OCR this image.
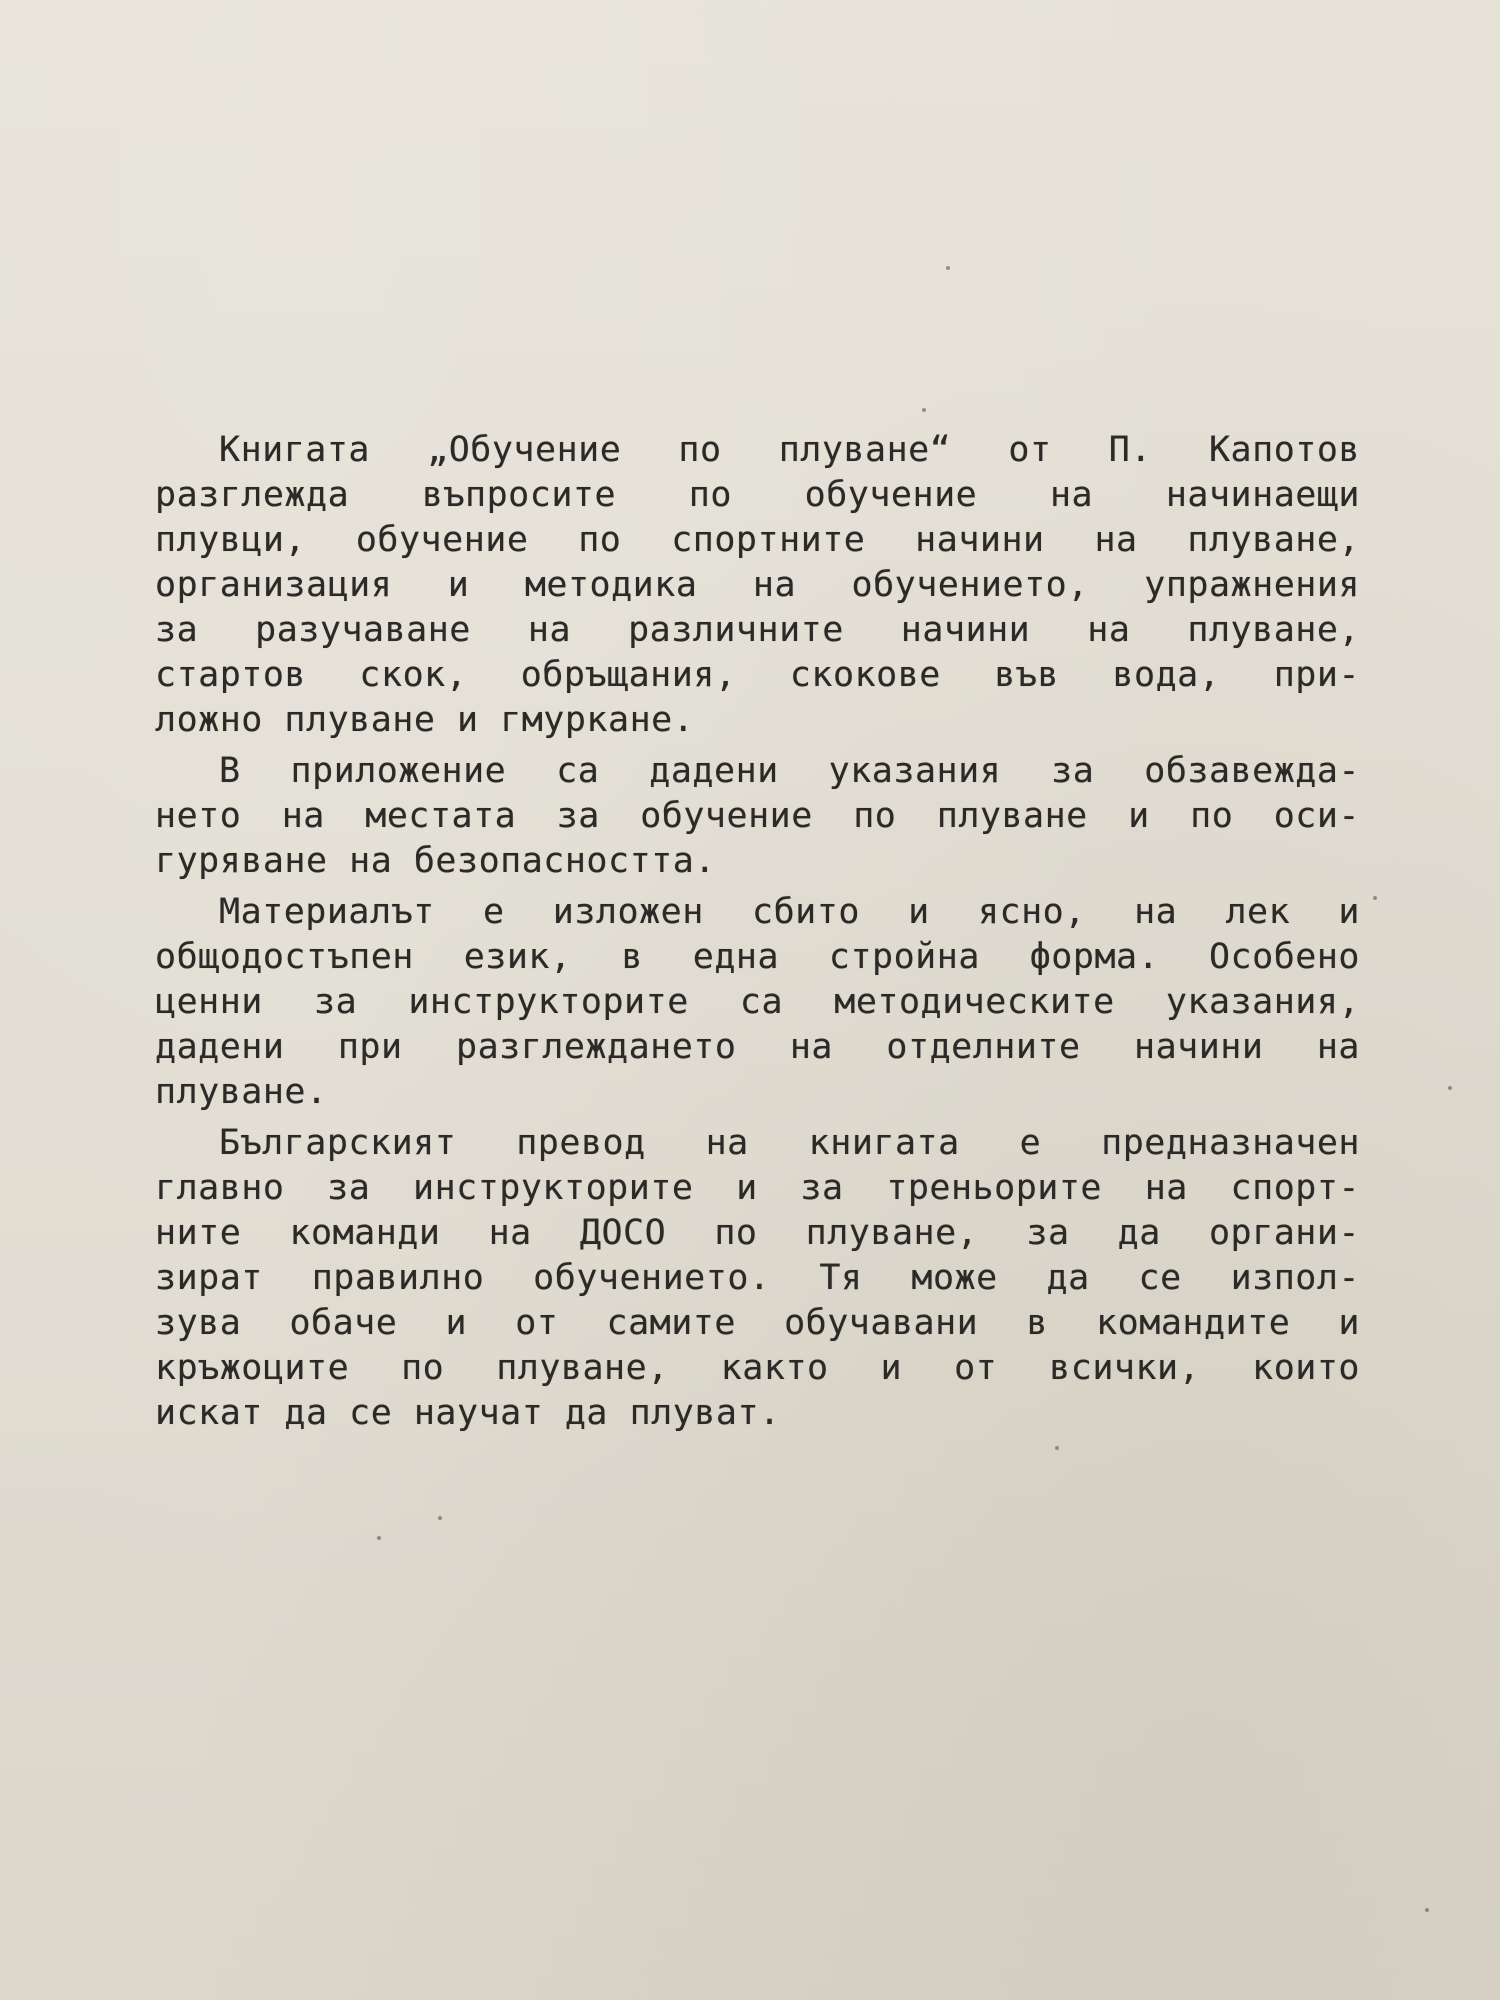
Книгата „Обучение по плуване“ от П. Капотов
разглежда въпросите по обучение на начинаещи
плувци, обучение по спортните начини на плуване,
организация и методика на обучението, упражнения
за разучаване на различните начини на плуване,
стартов скок, обръщания, скокове във вода, при-
ложно плуване и гмуркане.
В приложение са дадени указания за обзавежда-
нето на местата за обучение по плуване и по оси-
гуряване на безопасността.
Материалът е изложен сбито и ясно, на лек и
общодостъпен език, в една стройна форма. Особено
ценни за инструкторите са методическите указания,
дадени при разглеждането на отделните начини на
плуване.
Българският превод на книгата е предназначен
главно за инструкторите и за треньорите на спорт-
ните команди на ДОСО по плуване, за да органи-
зират правилно обучението. Тя може да се изпол-
зува обаче и от самите обучавани в командите и
кръжоците по плуване, както и от всички, които
искат да се научат да плуват.
